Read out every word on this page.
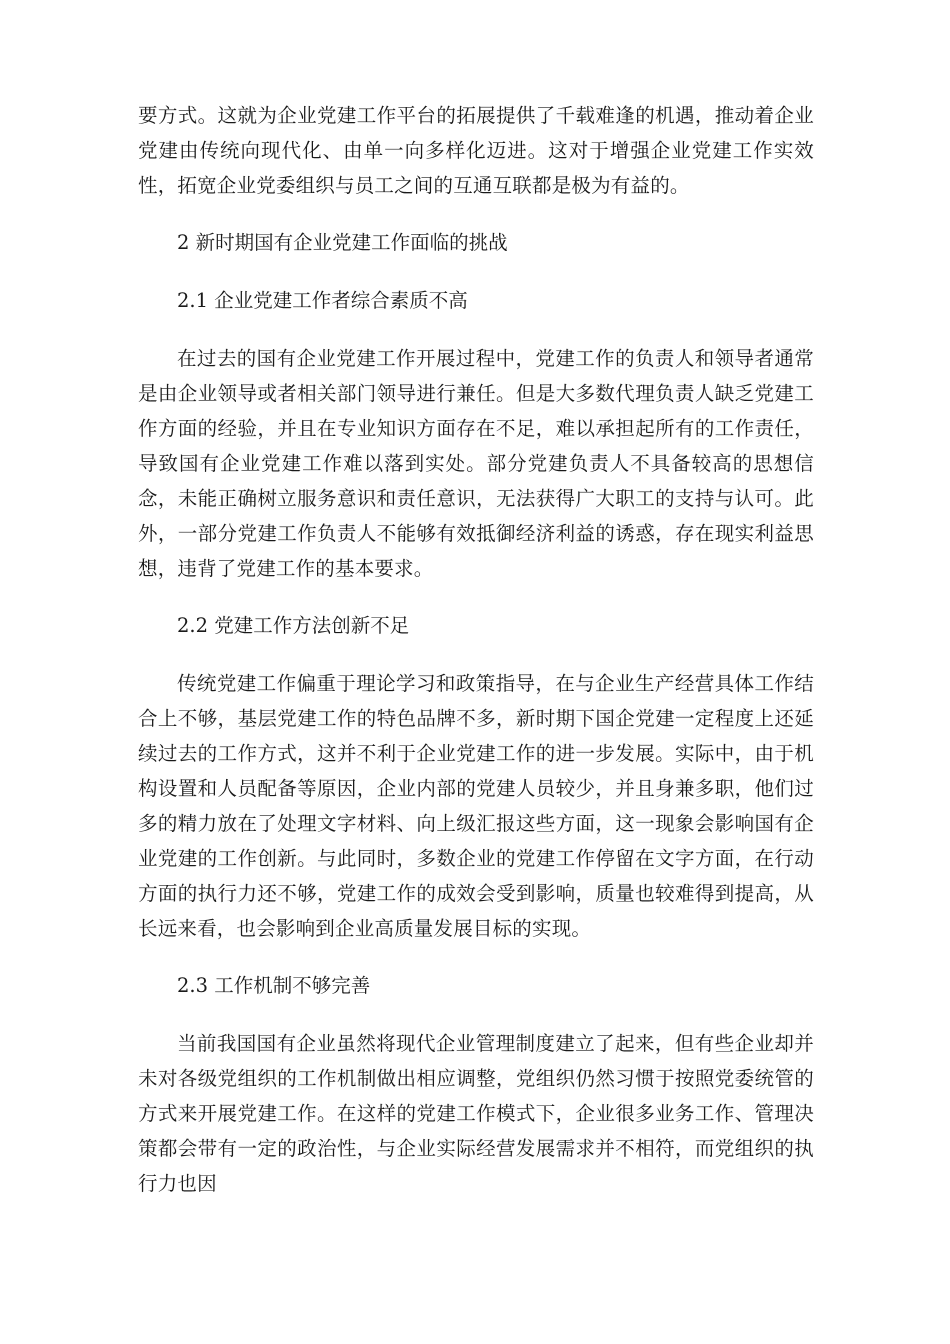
要方式。这就为企业党建工作平台的拓展提供了千载难逢的机遇，推动着企业党建由传统向现代化、由单一向多样化迈进。这对于增强企业党建工作实效性，拓宽企业党委组织与员工之间的互通互联都是极为有益的。

2 新时期国有企业党建工作面临的挑战

2.1 企业党建工作者综合素质不高

在过去的国有企业党建工作开展过程中，党建工作的负责人和领导者通常是由企业领导或者相关部门领导进行兼任。但是大多数代理负责人缺乏党建工作方面的经验，并且在专业知识方面存在不足，难以承担起所有的工作责任，导致国有企业党建工作难以落到实处。部分党建负责人不具备较高的思想信念，未能正确树立服务意识和责任意识，无法获得广大职工的支持与认可。此外，一部分党建工作负责人不能够有效抵御经济利益的诱惑，存在现实利益思想，违背了党建工作的基本要求。

2.2 党建工作方法创新不足

传统党建工作偏重于理论学习和政策指导，在与企业生产经营具体工作结合上不够，基层党建工作的特色品牌不多，新时期下国企党建一定程度上还延续过去的工作方式，这并不利于企业党建工作的进一步发展。实际中，由于机构设置和人员配备等原因，企业内部的党建人员较少，并且身兼多职，他们过多的精力放在了处理文字材料、向上级汇报这些方面，这一现象会影响国有企业党建的工作创新。与此同时，多数企业的党建工作停留在文字方面，在行动方面的执行力还不够，党建工作的成效会受到影响，质量也较难得到提高，从长远来看，也会影响到企业高质量发展目标的实现。

2.3 工作机制不够完善

当前我国国有企业虽然将现代企业管理制度建立了起来，但有些企业却并未对各级党组织的工作机制做出相应调整，党组织仍然习惯于按照党委统管的方式来开展党建工作。在这样的党建工作模式下，企业很多业务工作、管理决策都会带有一定的政治性，与企业实际经营发展需求并不相符，而党组织的执行力也因
